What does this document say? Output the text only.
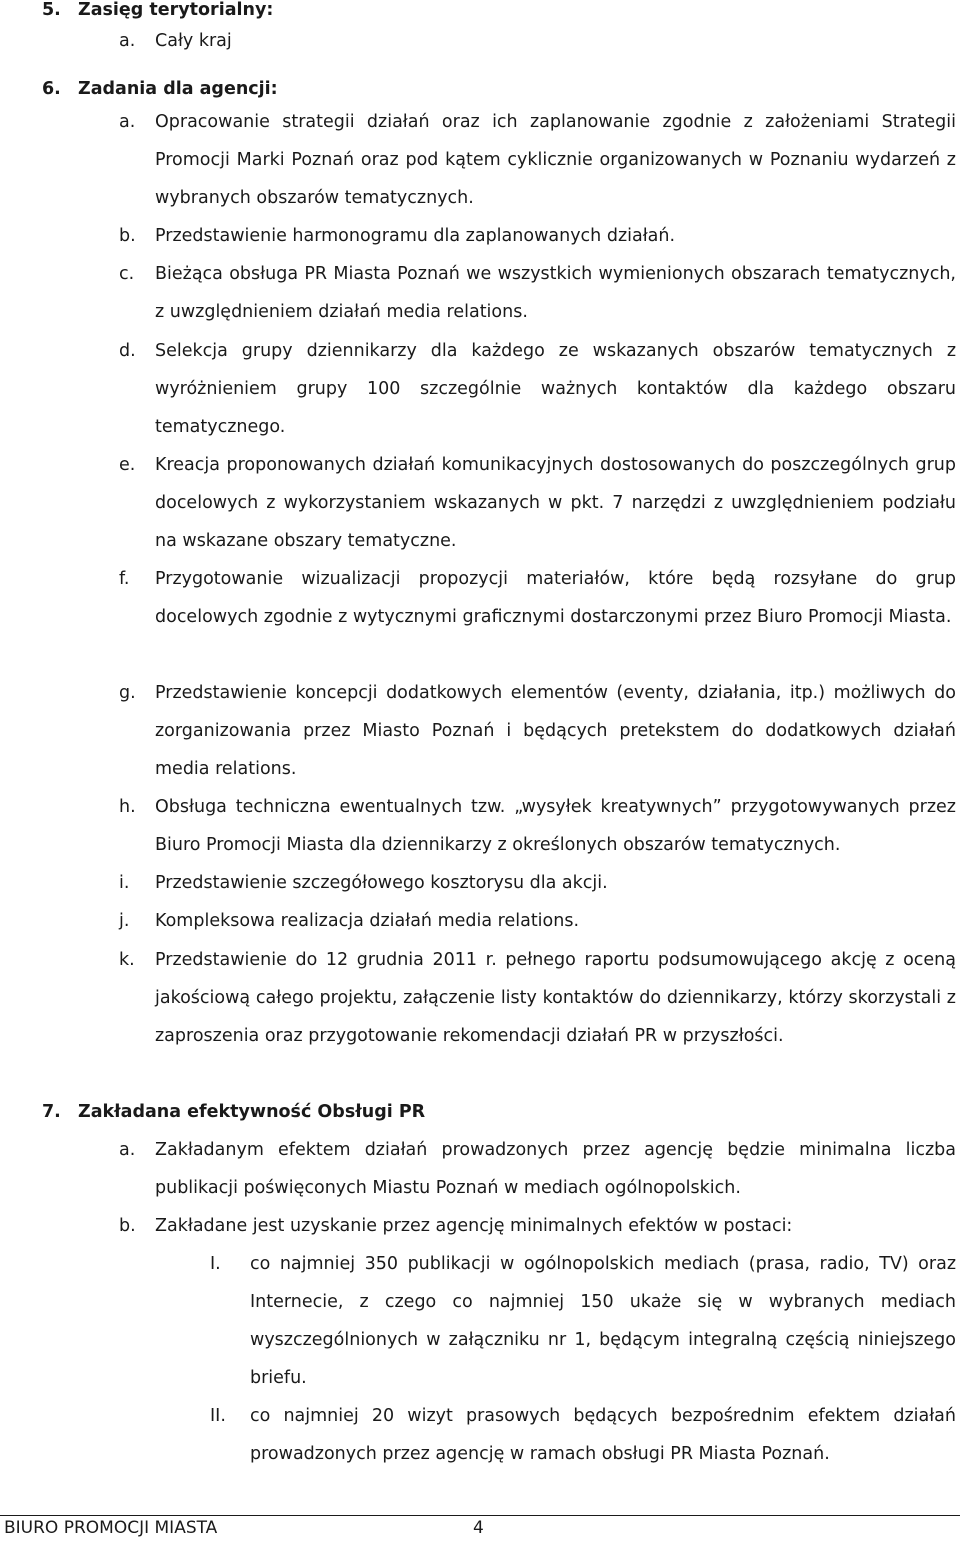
5. Zasięg terytorialny:
a. Cały kraj
6. Zadania dla agencji:
a. Opracowanie strategii działań oraz ich zaplanowanie zgodnie z założeniami Strategii Promocji Marki Poznań oraz pod kątem cyklicznie organizowanych w Poznaniu wydarzeń z wybranych obszarów tematycznych.
b. Przedstawienie harmonogramu dla zaplanowanych działań.
c. Bieżąca obsługa PR Miasta Poznań we wszystkich wymienionych obszarach tematycznych, z uwzględnieniem działań media relations.
d. Selekcja grupy dziennikarzy dla każdego ze wskazanych obszarów tematycznych z wyróżnieniem grupy 100 szczególnie ważnych kontaktów dla każdego obszaru tematycznego.
e. Kreacja proponowanych działań komunikacyjnych dostosowanych do poszczególnych grup docelowych z wykorzystaniem wskazanych w pkt. 7 narzędzi z uwzględnieniem podziału na wskazane obszary tematyczne.
f. Przygotowanie wizualizacji propozycji materiałów, które będą rozsyłane do grup docelowych zgodnie z wytycznymi graficznymi dostarczonymi przez Biuro Promocji Miasta.
g. Przedstawienie koncepcji dodatkowych elementów (eventy, działania, itp.) możliwych do zorganizowania przez Miasto Poznań i będących pretekstem do dodatkowych działań media relations.
h. Obsługa techniczna ewentualnych tzw. „wysyłek kreatywnych” przygotowywanych przez Biuro Promocji Miasta dla dziennikarzy z określonych obszarów tematycznych.
i. Przedstawienie szczegółowego kosztorysu dla akcji.
j. Kompleksowa realizacja działań media relations.
k. Przedstawienie do 12 grudnia 2011 r. pełnego raportu podsumowującego akcję z oceną jakościową całego projektu, załączenie listy kontaktów do dziennikarzy, którzy skorzystali z zaproszenia oraz przygotowanie rekomendacji działań PR w przyszłości.
7. Zakładana efektywność Obsługi PR
a. Zakładanym efektem działań prowadzonych przez agencję będzie minimalna liczba publikacji poświęconych Miastu Poznań w mediach ogólnopolskich.
b. Zakładane jest uzyskanie przez agencję minimalnych efektów w postaci:
I. co najmniej 350 publikacji w ogólnopolskich mediach (prasa, radio, TV) oraz Internecie, z czego co najmniej 150 ukaże się w wybranych mediach wyszczególnionych w załączniku nr 1, będącym integralną częścią niniejszego briefu.
II. co najmniej 20 wizyt prasowych będących bezpośrednim efektem działań prowadzonych przez agencję w ramach obsługi PR Miasta Poznań.
BIURO PROMOCJI MIASTA	4
